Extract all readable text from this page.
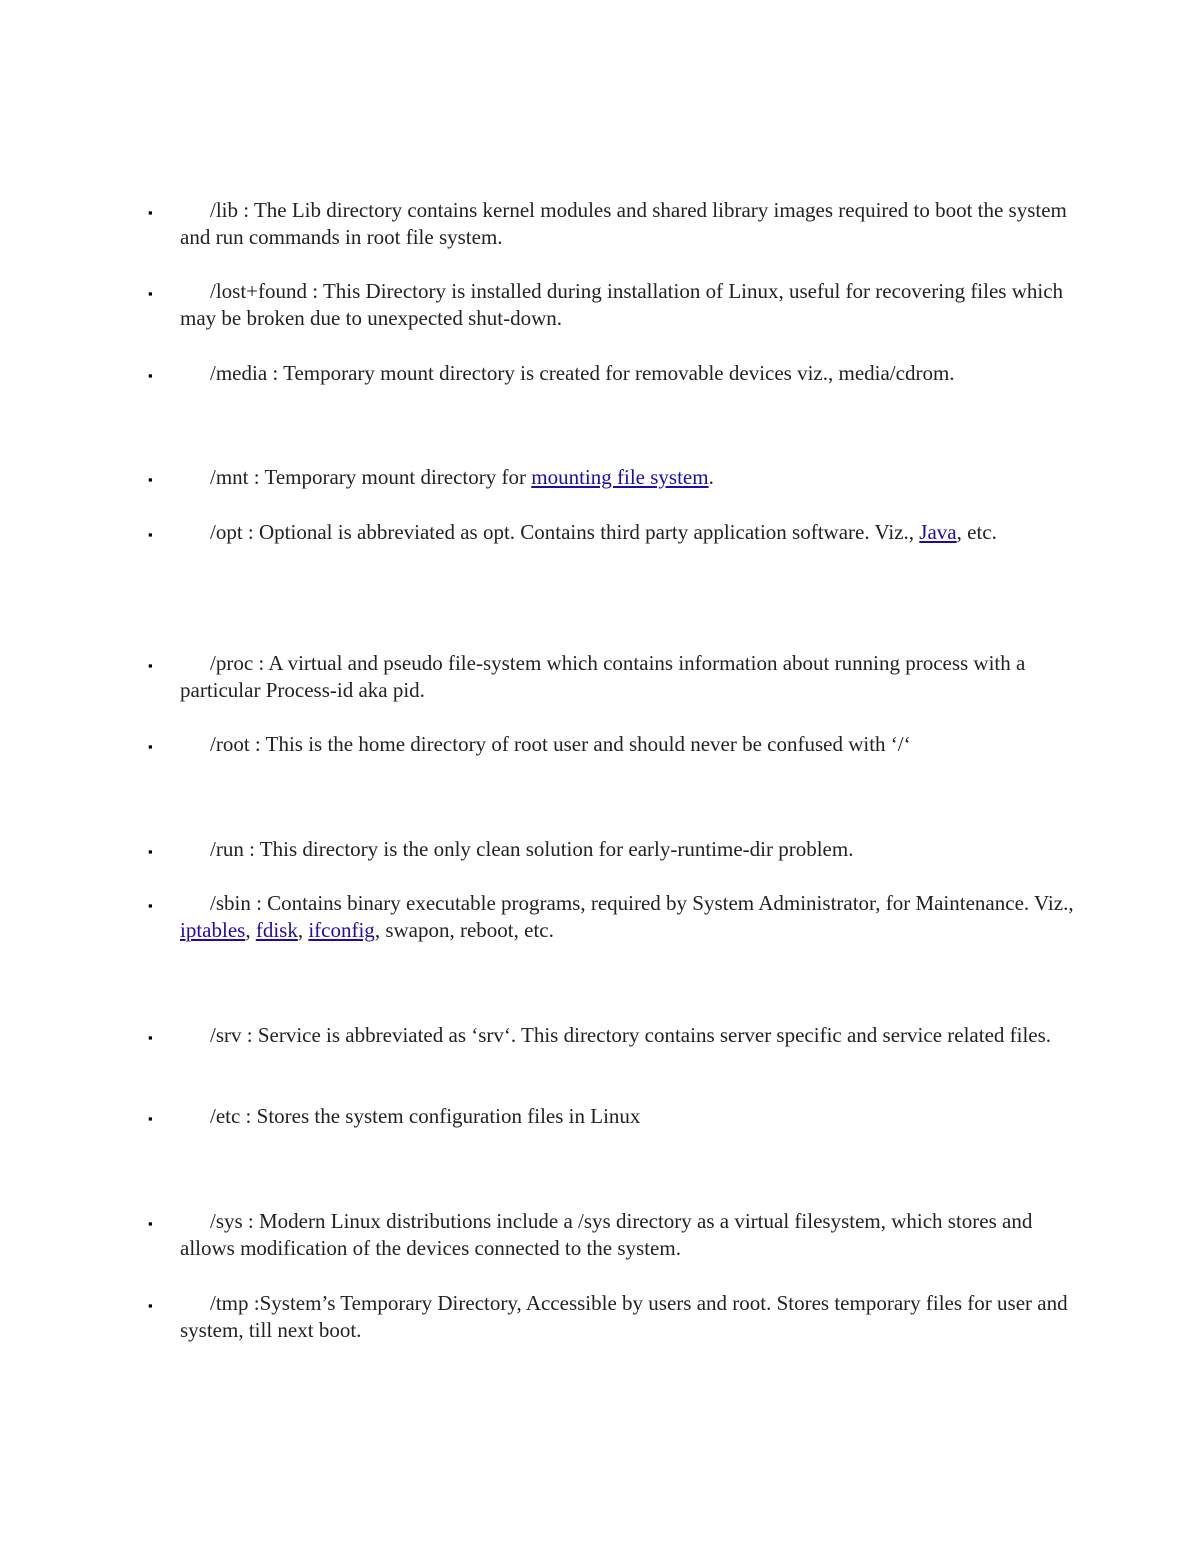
▪	/lib : The Lib directory contains kernel modules and shared library images required to boot the system and run commands in root file system.
▪	/lost+found : This Directory is installed during installation of Linux, useful for recovering files which may be broken due to unexpected shut-down.
▪	/media : Temporary mount directory is created for removable devices viz., media/cdrom.
▪	/mnt : Temporary mount directory for mounting file system.
▪	/opt : Optional is abbreviated as opt. Contains third party application software. Viz., Java, etc.
▪	/proc : A virtual and pseudo file-system which contains information about running process with a particular Process-id aka pid.
▪	/root : This is the home directory of root user and should never be confused with ‘/‘
▪	/run : This directory is the only clean solution for early-runtime-dir problem.
▪	/sbin : Contains binary executable programs, required by System Administrator, for Maintenance. Viz., iptables, fdisk, ifconfig, swapon, reboot, etc.
▪	/srv : Service is abbreviated as ‘srv‘. This directory contains server specific and service related files.
▪	/etc : Stores the system configuration files in Linux
▪	/sys : Modern Linux distributions include a /sys directory as a virtual filesystem, which stores and allows modification of the devices connected to the system.
▪	/tmp :System’s Temporary Directory, Accessible by users and root. Stores temporary files for user and system, till next boot.
